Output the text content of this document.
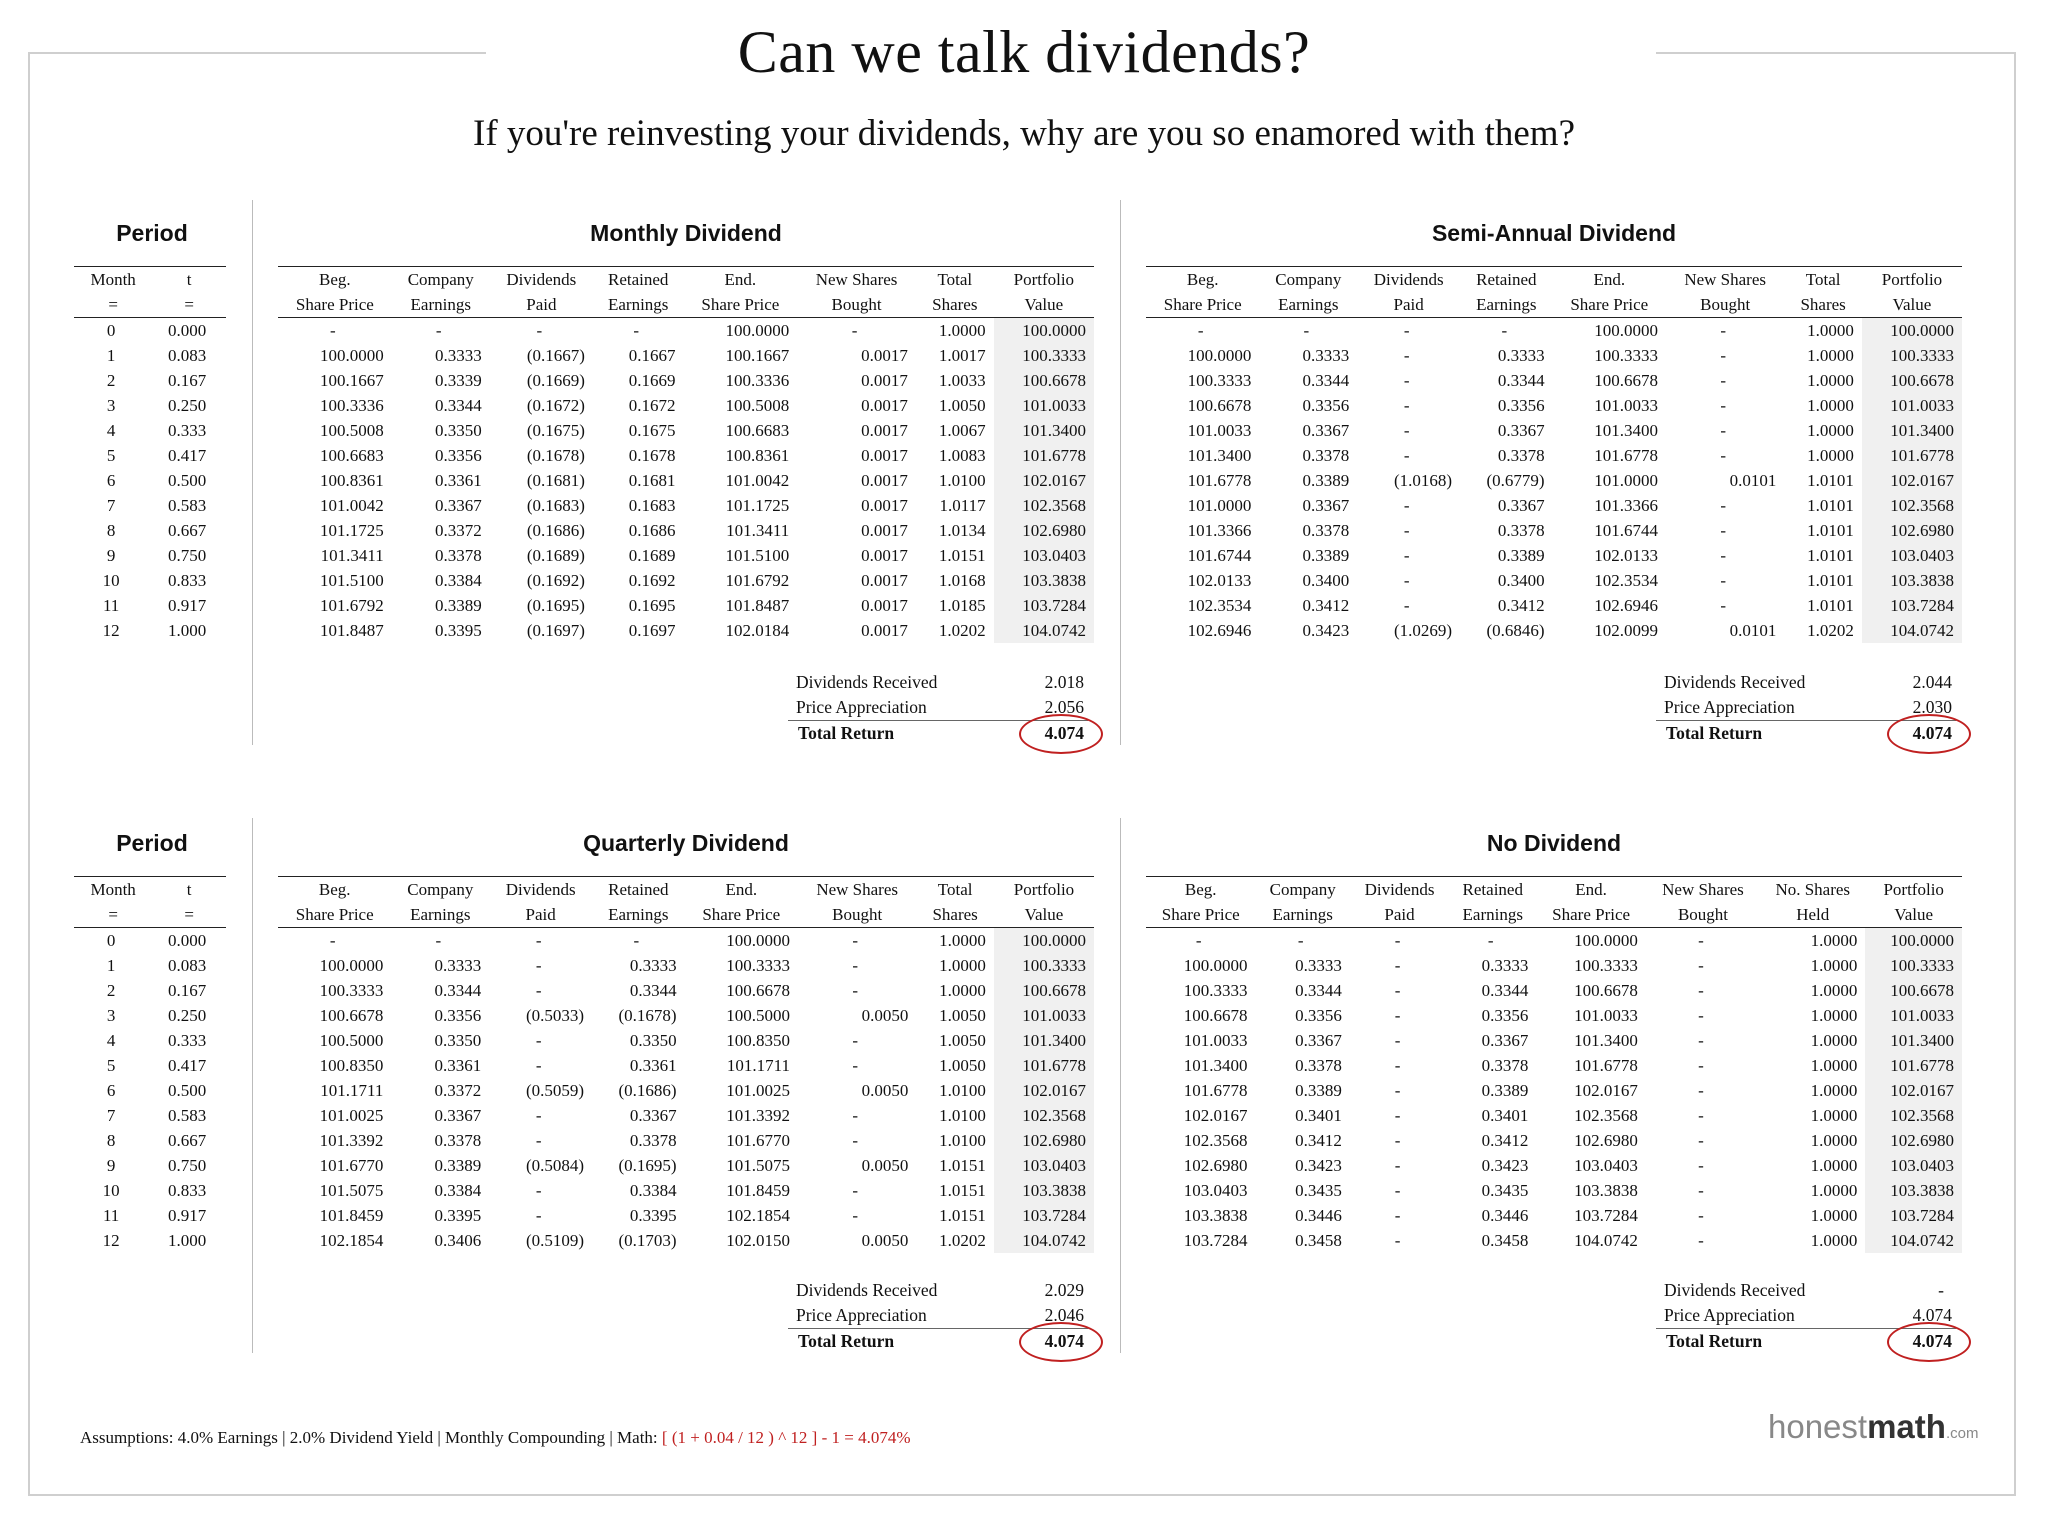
Can we talk dividends?
If you're reinvesting your dividends, why are you so enamored with them?
Period	Monthly Dividend	Semi-Annual Dividend
Period	Quarterly Dividend	No Dividend
Month	t
=	=
0	0.000
1	0.083
2	0.167
3	0.250
4	0.333
5	0.417
6	0.500
7	0.583
8	0.667
9	0.750
10	0.833
11	0.917
12	1.000
Beg.	Company	Dividends	Retained	End.	New Shares	Total	Portfolio
Share Price	Earnings	Paid	Earnings	Share Price	Bought	Shares	Value
-	-	-	-	100.0000	-	1.0000	100.0000
100.0000	0.3333	(0.1667)	0.1667	100.1667	0.0017	1.0017	100.3333
100.1667	0.3339	(0.1669)	0.1669	100.3336	0.0017	1.0033	100.6678
100.3336	0.3344	(0.1672)	0.1672	100.5008	0.0017	1.0050	101.0033
100.5008	0.3350	(0.1675)	0.1675	100.6683	0.0017	1.0067	101.3400
100.6683	0.3356	(0.1678)	0.1678	100.8361	0.0017	1.0083	101.6778
100.8361	0.3361	(0.1681)	0.1681	101.0042	0.0017	1.0100	102.0167
101.0042	0.3367	(0.1683)	0.1683	101.1725	0.0017	1.0117	102.3568
101.1725	0.3372	(0.1686)	0.1686	101.3411	0.0017	1.0134	102.6980
101.3411	0.3378	(0.1689)	0.1689	101.5100	0.0017	1.0151	103.0403
101.5100	0.3384	(0.1692)	0.1692	101.6792	0.0017	1.0168	103.3838
101.6792	0.3389	(0.1695)	0.1695	101.8487	0.0017	1.0185	103.7284
101.8487	0.3395	(0.1697)	0.1697	102.0184	0.0017	1.0202	104.0742
Beg.	Company	Dividends	Retained	End.	New Shares	Total	Portfolio
Share Price	Earnings	Paid	Earnings	Share Price	Bought	Shares	Value
-	-	-	-	100.0000	-	1.0000	100.0000
100.0000	0.3333	-	0.3333	100.3333	-	1.0000	100.3333
100.3333	0.3344	-	0.3344	100.6678	-	1.0000	100.6678
100.6678	0.3356	-	0.3356	101.0033	-	1.0000	101.0033
101.0033	0.3367	-	0.3367	101.3400	-	1.0000	101.3400
101.3400	0.3378	-	0.3378	101.6778	-	1.0000	101.6778
101.6778	0.3389	(1.0168)	(0.6779)	101.0000	0.0101	1.0101	102.0167
101.0000	0.3367	-	0.3367	101.3366	-	1.0101	102.3568
101.3366	0.3378	-	0.3378	101.6744	-	1.0101	102.6980
101.6744	0.3389	-	0.3389	102.0133	-	1.0101	103.0403
102.0133	0.3400	-	0.3400	102.3534	-	1.0101	103.3838
102.3534	0.3412	-	0.3412	102.6946	-	1.0101	103.7284
102.6946	0.3423	(1.0269)	(0.6846)	102.0099	0.0101	1.0202	104.0742
Month	t
=	=
0	0.000
1	0.083
2	0.167
3	0.250
4	0.333
5	0.417
6	0.500
7	0.583
8	0.667
9	0.750
10	0.833
11	0.917
12	1.000
Beg.	Company	Dividends	Retained	End.	New Shares	Total	Portfolio
Share Price	Earnings	Paid	Earnings	Share Price	Bought	Shares	Value
-	-	-	-	100.0000	-	1.0000	100.0000
100.0000	0.3333	-	0.3333	100.3333	-	1.0000	100.3333
100.3333	0.3344	-	0.3344	100.6678	-	1.0000	100.6678
100.6678	0.3356	(0.5033)	(0.1678)	100.5000	0.0050	1.0050	101.0033
100.5000	0.3350	-	0.3350	100.8350	-	1.0050	101.3400
100.8350	0.3361	-	0.3361	101.1711	-	1.0050	101.6778
101.1711	0.3372	(0.5059)	(0.1686)	101.0025	0.0050	1.0100	102.0167
101.0025	0.3367	-	0.3367	101.3392	-	1.0100	102.3568
101.3392	0.3378	-	0.3378	101.6770	-	1.0100	102.6980
101.6770	0.3389	(0.5084)	(0.1695)	101.5075	0.0050	1.0151	103.0403
101.5075	0.3384	-	0.3384	101.8459	-	1.0151	103.3838
101.8459	0.3395	-	0.3395	102.1854	-	1.0151	103.7284
102.1854	0.3406	(0.5109)	(0.1703)	102.0150	0.0050	1.0202	104.0742
Beg.	Company	Dividends	Retained	End.	New Shares	No. Shares	Portfolio
Share Price	Earnings	Paid	Earnings	Share Price	Bought	Held	Value
-	-	-	-	100.0000	-	1.0000	100.0000
100.0000	0.3333	-	0.3333	100.3333	-	1.0000	100.3333
100.3333	0.3344	-	0.3344	100.6678	-	1.0000	100.6678
100.6678	0.3356	-	0.3356	101.0033	-	1.0000	101.0033
101.0033	0.3367	-	0.3367	101.3400	-	1.0000	101.3400
101.3400	0.3378	-	0.3378	101.6778	-	1.0000	101.6778
101.6778	0.3389	-	0.3389	102.0167	-	1.0000	102.0167
102.0167	0.3401	-	0.3401	102.3568	-	1.0000	102.3568
102.3568	0.3412	-	0.3412	102.6980	-	1.0000	102.6980
102.6980	0.3423	-	0.3423	103.0403	-	1.0000	103.0403
103.0403	0.3435	-	0.3435	103.3838	-	1.0000	103.3838
103.3838	0.3446	-	0.3446	103.7284	-	1.0000	103.7284
103.7284	0.3458	-	0.3458	104.0742	-	1.0000	104.0742
Dividends Received	2.018
Price Appreciation	2.056
Total Return	4.074
Dividends Received	2.044
Price Appreciation	2.030
Total Return	4.074
Dividends Received	2.029
Price Appreciation	2.046
Total Return	4.074
Dividends Received	-
Price Appreciation	4.074
Total Return	4.074
Assumptions: 4.0% Earnings | 2.0% Dividend Yield | Monthly Compounding | Math: [ (1 + 0.04 / 12 ) ^ 12 ] - 1 = 4.074%	honestmath.com
